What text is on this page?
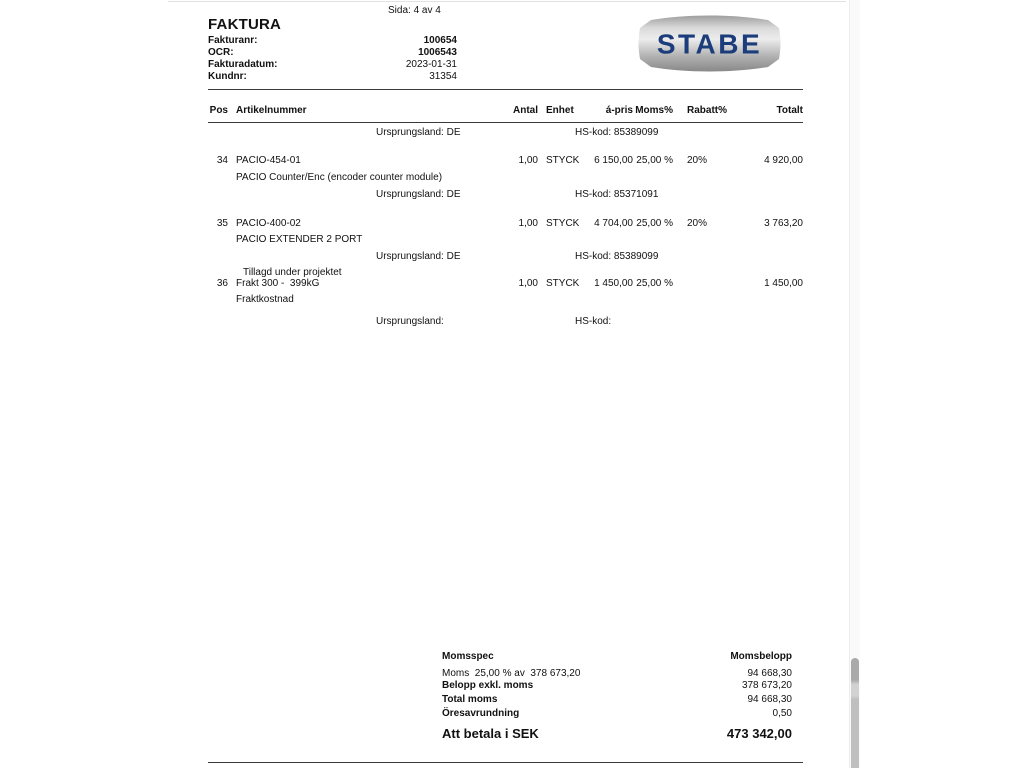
Sida: 4 av 4
FAKTURA
Fakturanr:	100654
OCR:	1006543
Fakturadatum:	2023-01-31
Kundnr:	31354
STABE
Pos Artikelnummer	Antal Enhet	á-pris Moms% Rabatt%	Totalt
Ursprungsland: DE	HS-kod: 85389099
34 PACIO-454-01	1,00 STYCK	6 150,00 25,00 % 20%	4 920,00
PACIO Counter/Enc (encoder counter module)
Ursprungsland: DE	HS-kod: 85371091
35 PACIO-400-02	1,00 STYCK	4 704,00 25,00 % 20%	3 763,20
PACIO EXTENDER 2 PORT
Ursprungsland: DE	HS-kod: 85389099
Tillagd under projektet
36 Frakt 300 -  399kG	1,00 STYCK	1 450,00 25,00 %	1 450,00
Fraktkostnad
Ursprungsland:	HS-kod:
Momsspec	Momsbelopp
Moms  25,00 % av  378 673,20	94 668,30
Belopp exkl. moms	378 673,20
Total moms	94 668,30
Öresavrundning	0,50
Att betala i SEK	473 342,00
